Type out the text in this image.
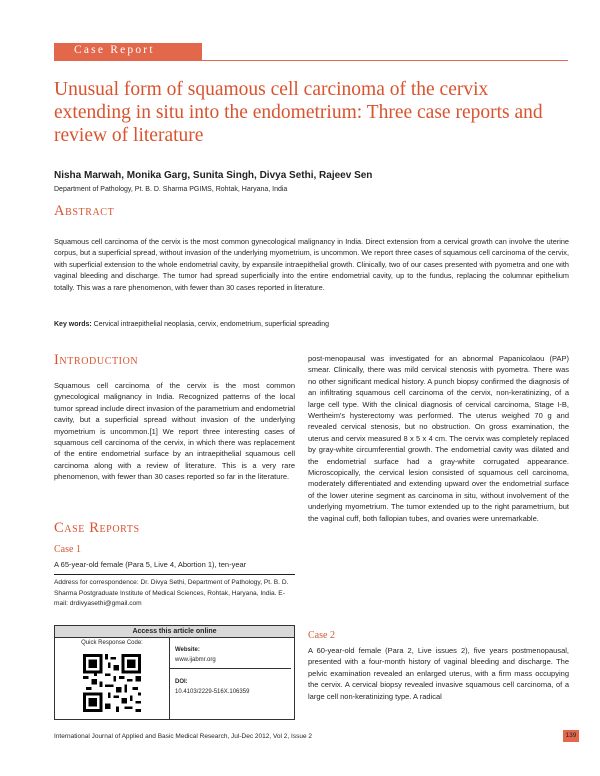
Case Report
Unusual form of squamous cell carcinoma of the cervix extending in situ into the endometrium: Three case reports and review of literature
Nisha Marwah, Monika Garg, Sunita Singh, Divya Sethi, Rajeev Sen
Department of Pathology, Pt. B. D. Sharma PGIMS, Rohtak, Haryana, India
Abstract

Squamous cell carcinoma of the cervix is the most common gynecological malignancy in India. Direct extension from a cervical growth can involve the uterine corpus, but a superficial spread, without invasion of the underlying myometrium, is uncommon. We report three cases of squamous cell carcinoma of the cervix, with superficial extension to the whole endometrial cavity, by expansile intraepithelial growth. Clinically, two of our cases presented with pyometra and one with vaginal bleeding and discharge. The tumor had spread superficially into the entire endometrial cavity, up to the fundus, replacing the columnar epithelium totally. This was a rare phenomenon, with fewer than 30 cases reported in literature.

Key words: Cervical intraepithelial neoplasia, cervix, endometrium, superficial spreading
Introduction

Squamous cell carcinoma of the cervix is the most common gynecological malignancy in India. Recognized patterns of the local tumor spread include direct invasion of the parametrium and endometrial cavity, but a superficial spread without invasion of the underlying myometrium is uncommon.[1] We report three interesting cases of squamous cell carcinoma of the cervix, in which there was replacement of the entire endometrial surface by an intraepithelial squamous cell carcinoma along with a review of literature. This is a very rare phenomenon, with fewer than 30 cases reported so far in the literature.

Case Reports
Case 1

A 65-year-old female (Para 5, Live 4, Abortion 1), ten-year

Address for correspondence: Dr. Divya Sethi, Department of Pathology, Pt. B. D. Sharma Postgraduate Institute of Medical Sciences, Rohtak, Haryana, India. E-mail: drdivyasethi@gmail.com

Access this article online
Quick Response Code:
Website:
www.ijabmr.org
DOI:
10.4103/2229-516X.106359

post-menopausal was investigated for an abnormal Papanicolaou (PAP) smear. Clinically, there was mild cervical stenosis with pyometra. There was no other significant medical history. A punch biopsy confirmed the diagnosis of an infiltrating squamous cell carcinoma of the cervix, non-keratinizing, of a large cell type. With the clinical diagnosis of cervical carcinoma, Stage I-B, Wertheim's hysterectomy was performed. The uterus weighed 70 g and revealed cervical stenosis, but no obstruction. On gross examination, the uterus and cervix measured 8 x 5 x 4 cm. The cervix was completely replaced by gray-white circumferential growth. The endometrial cavity was dilated and the endometrial surface had a gray-white corrugated appearance. Microscopically, the cervical lesion consisted of squamous cell carcinoma, moderately differentiated and extending upward over the endometrial surface of the lower uterine segment as carcinoma in situ, without involvement of the underlying myometrium. The tumor extended up to the right parametrium, but the vaginal cuff, both fallopian tubes, and ovaries were unremarkable.

Case 2

A 60-year-old female (Para 2, Live issues 2), five years postmenopausal, presented with a four-month history of vaginal bleeding and discharge. The pelvic examination revealed an enlarged uterus, with a firm mass occupying the cervix. A cervical biopsy revealed invasive squamous cell carcinoma, of a large cell non-keratinizing type. A radical

International Journal of Applied and Basic Medical Research, Jul-Dec 2012, Vol 2, Issue 2	139
